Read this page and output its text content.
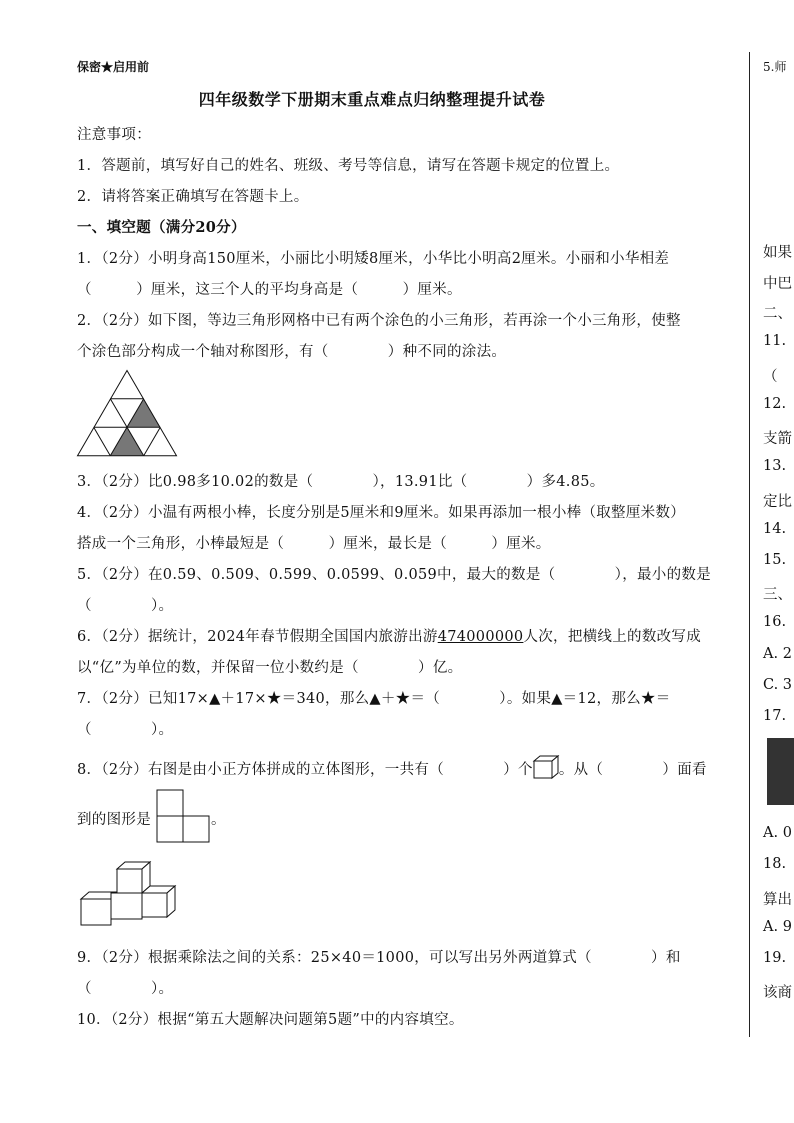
保密★启用前
四年级数学下册期末重点难点归纳整理提升试卷
注意事项：
1．答题前，填写好自己的姓名、班级、考号等信息，请写在答题卡规定的位置上。
2．请将答案正确填写在答题卡上。
一、填空题（满分20分）
1．（2分）小明身高150厘米，小丽比小明矮8厘米，小华比小明高2厘米。小丽和小华相差
（　　　）厘米，这三个人的平均身高是（　　　）厘米。
2．（2分）如下图，等边三角形网格中已有两个涂色的小三角形，若再涂一个小三角形，使整
个涂色部分构成一个轴对称图形，有（　　　　）种不同的涂法。
3．（2分）比0.98多10.02的数是（　　　　），13.91比（　　　　）多4.85。
4．（2分）小温有两根小棒，长度分别是5厘米和9厘米。如果再添加一根小棒（取整厘米数）
搭成一个三角形，小棒最短是（　　　）厘米，最长是（　　　）厘米。
5．（2分）在0.59、0.509、0.599、0.0599、0.059中，最大的数是（　　　　），最小的数是
（　　　　）。
6．（2分）据统计，2024年春节假期全国国内旅游出游474000000人次，把横线上的数改写成
以“亿”为单位的数，并保留一位小数约是（　　　　）亿。
7．（2分）已知17×▲＋17×★＝340，那么▲＋★＝（　　　　）。如果▲＝12，那么★＝
（　　　　）。
8．（2分）右图是由小正方体拼成的立体图形，一共有（　　　　）个 。从（　　　　）面看
到的图形是	。
9．（2分）根据乘除法之间的关系：25×40＝1000，可以写出另外两道算式（　　　　）和
（　　　　）。
10．（2分）根据“第五大题解决问题第5题”中的内容填空。
5.师
如果
中巴
二、
11.
（
12.
支箭
13.
定比
14.
15.
三、
16.
A. 2
C. 3
17.
A. 0
18.
算出
A. 9
19.
该商
